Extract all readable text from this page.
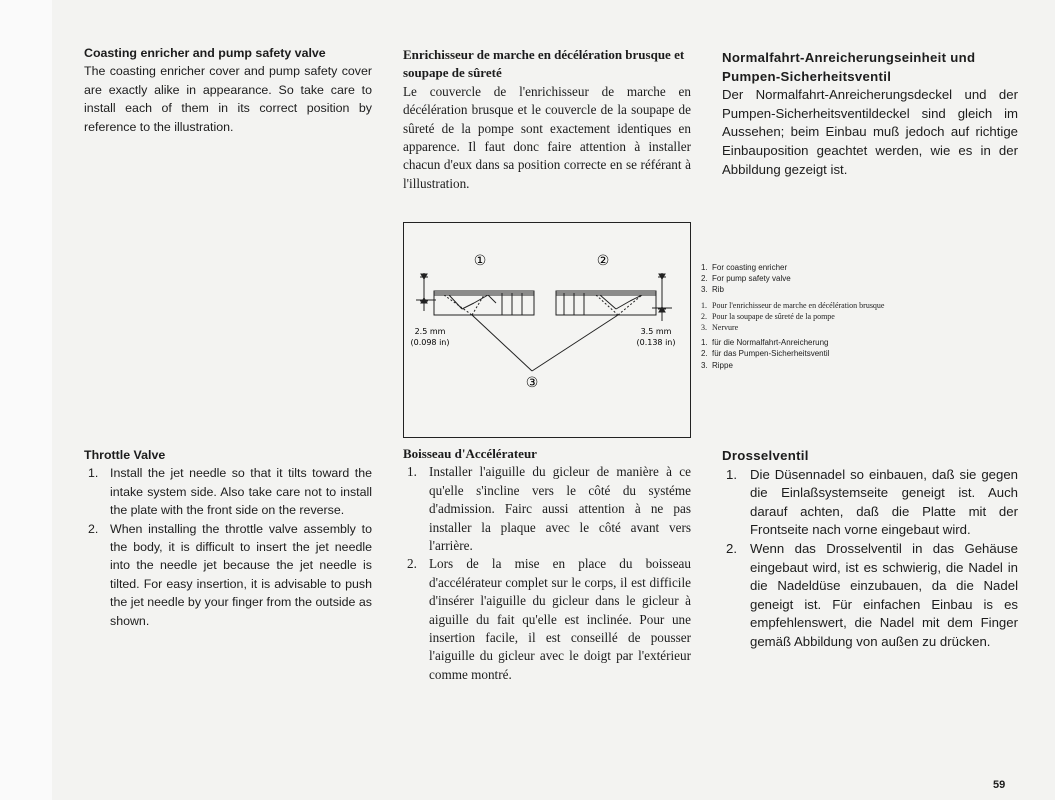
Coasting enricher and pump safety valve

The coasting enricher cover and pump safety cover are exactly alike in appearance. So take care to install each of them in its correct position by reference to the illustration.

Enrichisseur de marche en décélération brusque et soupape de sûreté

Le couvercle de l'enrichisseur de marche en décélération brusque et le couvercle de la soupape de sûreté de la pompe sont exactement identiques en apparence. Il faut donc faire attention à installer chacun d'eux dans sa position correcte en se référant à l'illustration.

Normalfahrt-Anreicherungseinheit und Pumpen-Sicherheitsventil

Der Normalfahrt-Anreicherungsdeckel und der Pumpen-Sicherheitsventildeckel sind gleich im Aussehen; beim Einbau muß jedoch auf richtige Einbauposition geachtet werden, wie es in der Abbildung gezeigt ist.

①	②
2.5 mm
(0.098 in)
3.5 mm
(0.138 in)
③
1. For coasting enricher
2. For pump safety valve
3. Rib
1. Pour l'enrichisseur de marche en décélération brusque
2. Pour la soupape de sûreté de la pompe
3. Nervure
1. für die Normalfahrt-Anreicherung
2. für das Pumpen-Sicherheitsventil
3. Rippe

Throttle Valve

1. Install the jet needle so that it tilts toward the intake system side. Also take care not to install the plate with the front side on the reverse.
2. When installing the throttle valve assembly to the body, it is difficult to insert the jet needle into the needle jet because the jet needle is tilted. For easy insertion, it is advisable to push the jet needle by your finger from the outside as shown.

Boisseau d'Accélérateur

1. Installer l'aiguille du gicleur de manière à ce qu'elle s'incline vers le côté du systéme d'admission. Fairc aussi attention à ne pas installer la plaque avec le côté avant vers l'arrière.
2. Lors de la mise en place du boisseau d'accélérateur complet sur le corps, il est difficile d'insérer l'aiguille du gicleur dans le gicleur à aiguille du fait qu'elle est inclinée. Pour une insertion facile, il est conseillé de pousser l'aiguille du gicleur avec le doigt par l'extérieur comme montré.

Drosselventil

1. Die Düsennadel so einbauen, daß sie gegen die Einlaßsystemseite geneigt ist. Auch darauf achten, daß die Platte mit der Frontseite nach vorne eingebaut wird.
2. Wenn das Drosselventil in das Gehäuse eingebaut wird, ist es schwierig, die Nadel in die Nadeldüse einzubauen, da die Nadel geneigt ist. Für einfachen Einbau is es empfehlenswert, die Nadel mit dem Finger gemäß Abbildung von außen zu drücken.
59
